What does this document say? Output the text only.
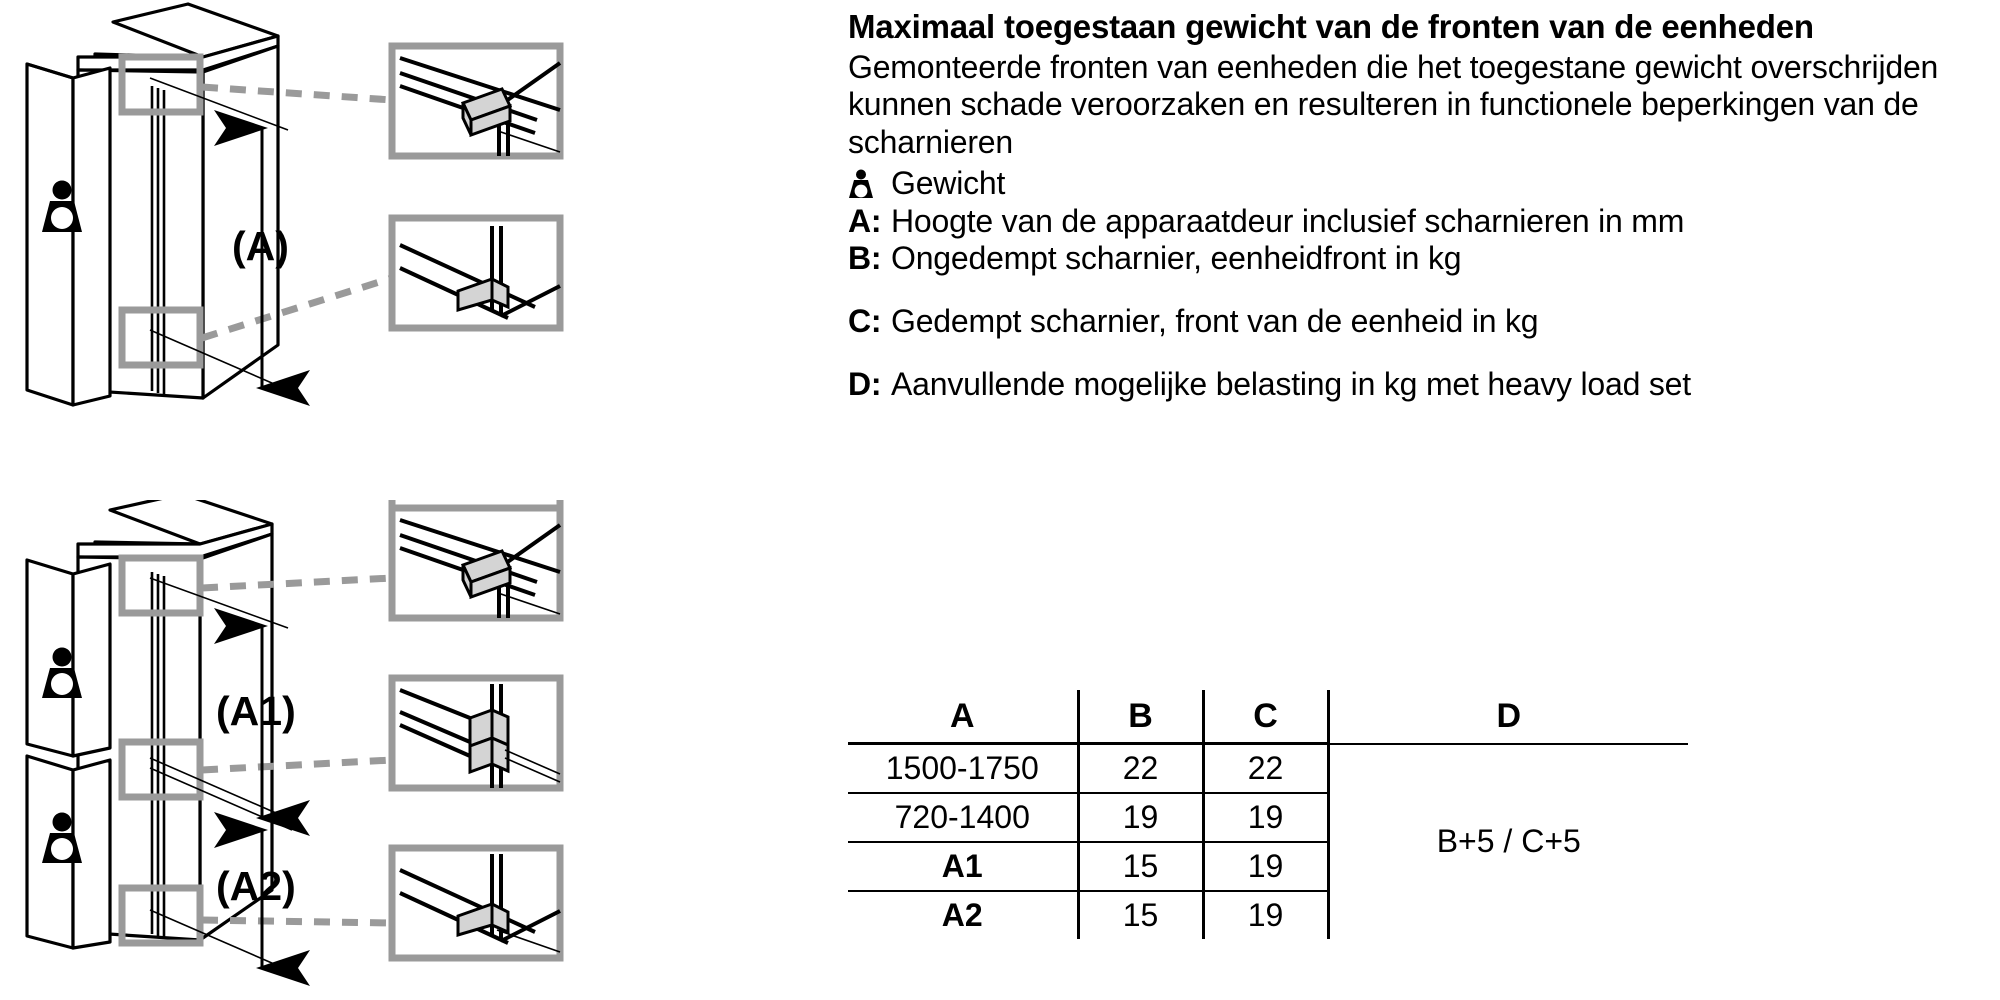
(A)
(A1)
(A2)
Maximaal toegestaan gewicht van de fronten van de eenheden

Gemonteerde fronten van eenheden die het toegestane gewicht overschrijden kunnen schade veroorzaken en resulteren in functionele beperkingen van de scharnieren

Gewicht
A: Hoogte van de apparaatdeur inclusief scharnieren in mm
B: Ongedempt scharnier, eenheidfront in kg
C: Gedempt scharnier, front van de eenheid in kg
D: Aanvullende mogelijke belasting in kg met heavy load set
A	B	C	D
1500-1750	22	22	B+5 / C+5
720-1400	19	19	
A1	15	19	
A2	15	19	
